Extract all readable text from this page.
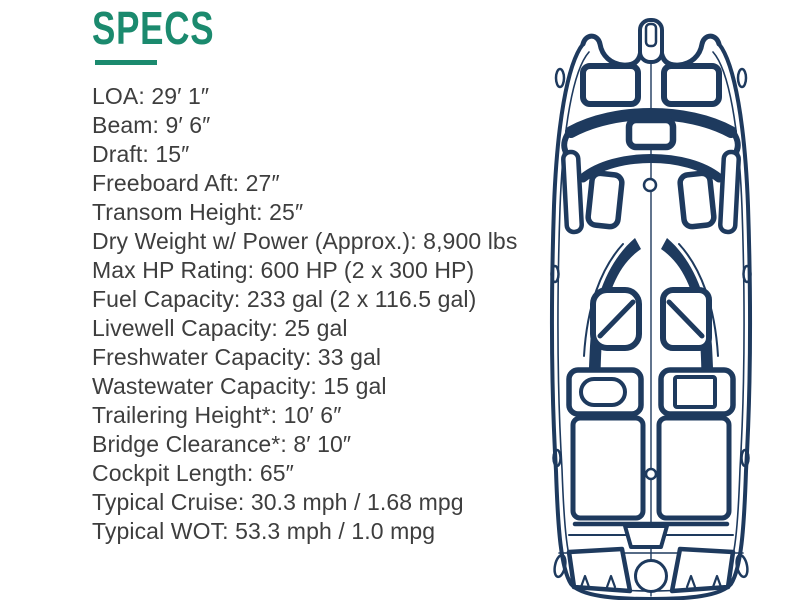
SPECS
LOA: 29′ 1″
Beam: 9′ 6″
Draft: 15″
Freeboard Aft: 27″
Transom Height: 25″
Dry Weight w/ Power (Approx.): 8,900 lbs
Max HP Rating: 600 HP (2 x 300 HP)
Fuel Capacity: 233 gal (2 x 116.5 gal)
Livewell Capacity: 25 gal
Freshwater Capacity: 33 gal
Wastewater Capacity: 15 gal
Trailering Height*: 10′ 6″
Bridge Clearance*: 8′ 10″
Cockpit Length: 65″
Typical Cruise: 30.3 mph / 1.68 mpg
Typical WOT: 53.3 mph / 1.0 mpg
